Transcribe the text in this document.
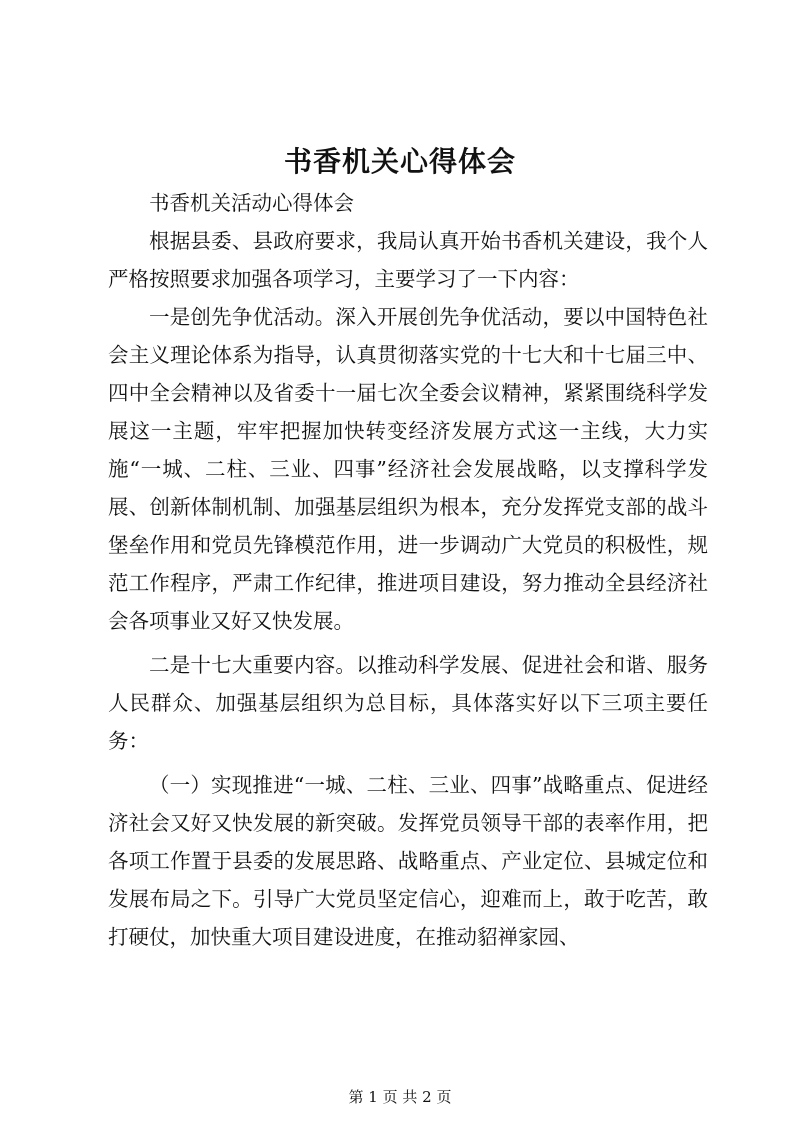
书香机关心得体会

书香机关活动心得体会

根据县委、县政府要求，我局认真开始书香机关建设，我个人严格按照要求加强各项学习，主要学习了一下内容：

一是创先争优活动。深入开展创先争优活动，要以中国特色社会主义理论体系为指导，认真贯彻落实党的十七大和十七届三中、四中全会精神以及省委十一届七次全委会议精神，紧紧围绕科学发展这一主题，牢牢把握加快转变经济发展方式这一主线，大力实施“一城、二柱、三业、四事”经济社会发展战略，以支撑科学发展、创新体制机制、加强基层组织为根本，充分发挥党支部的战斗堡垒作用和党员先锋模范作用，进一步调动广大党员的积极性，规范工作程序，严肃工作纪律，推进项目建设，努力推动全县经济社会各项事业又好又快发展。

二是十七大重要内容。以推动科学发展、促进社会和谐、服务人民群众、加强基层组织为总目标，具体落实好以下三项主要任务：

（一）实现推进“一城、二柱、三业、四事”战略重点、促进经济社会又好又快发展的新突破。发挥党员领导干部的表率作用，把各项工作置于县委的发展思路、战略重点、产业定位、县城定位和发展布局之下。引导广大党员坚定信心，迎难而上，敢于吃苦，敢打硬仗，加快重大项目建设进度，在推动貂禅家园、

第 1 页 共 2 页
